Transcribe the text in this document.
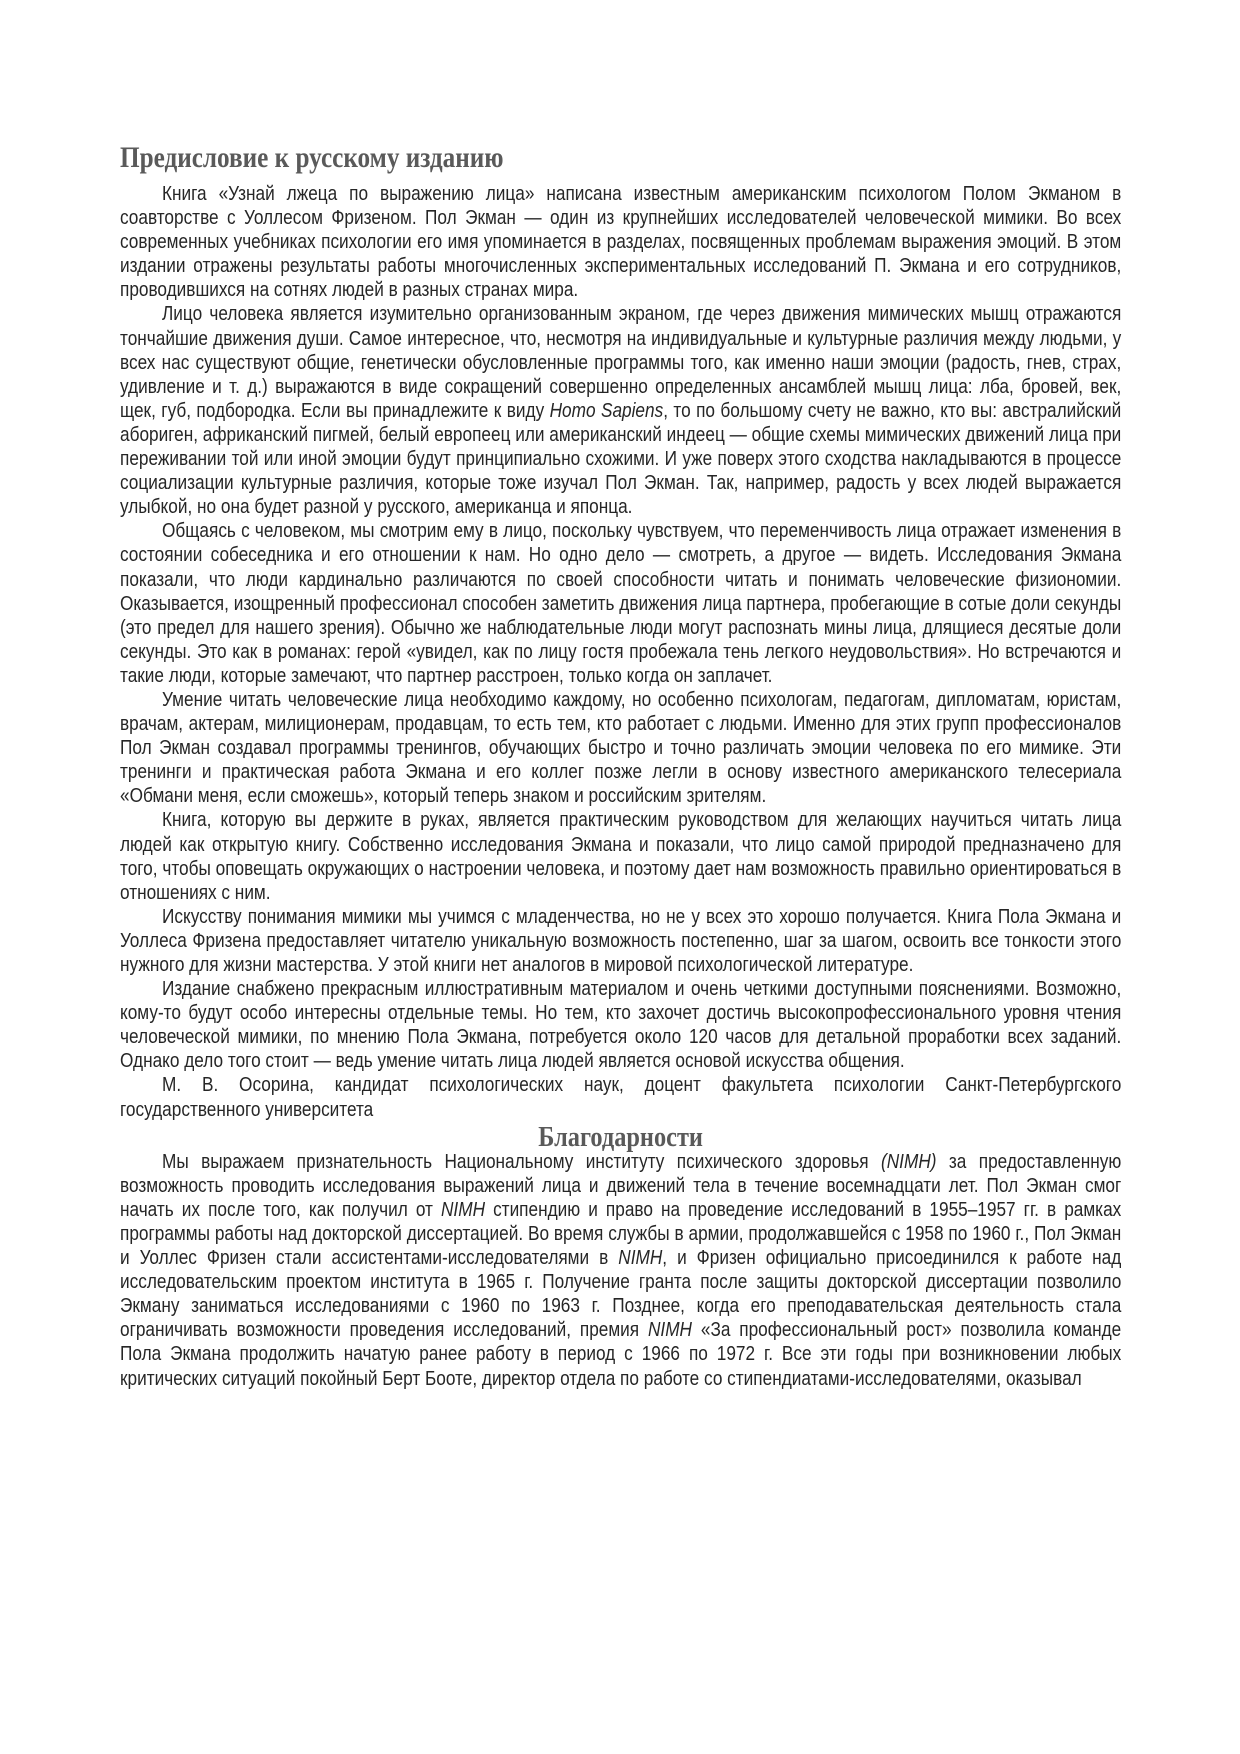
Предисловие к русскому изданию

Книга «Узнай лжеца по выражению лица» написана известным американским психологом Полом Экманом в соавторстве с Уоллесом Фризеном. Пол Экман — один из крупнейших исследователей человеческой мимики. Во всех современных учебниках психологии его имя упоминается в разделах, посвященных проблемам выражения эмоций. В этом издании отражены результаты работы многочисленных экспериментальных исследований П. Экмана и его сотрудников, проводившихся на сотнях людей в разных странах мира.

Лицо человека является изумительно организованным экраном, где через движения мимических мышц отражаются тончайшие движения души. Самое интересное, что, несмотря на индивидуальные и культурные различия между людьми, у всех нас существуют общие, генетически обусловленные программы того, как именно наши эмоции (радость, гнев, страх, удивление и т. д.) выражаются в виде сокращений совершенно определенных ансамблей мышц лица: лба, бровей, век, щек, губ, подбородка. Если вы принадлежите к виду Homo Sapiens, то по большому счету не важно, кто вы: австралийский абориген, африканский пигмей, белый европеец или американский индеец — общие схемы мимических движений лица при переживании той или иной эмоции будут принципиально схожими. И уже поверх этого сходства накладываются в процессе социализации культурные различия, которые тоже изучал Пол Экман. Так, например, радость у всех людей выражается улыбкой, но она будет разной у русского, американца и японца.

Общаясь с человеком, мы смотрим ему в лицо, поскольку чувствуем, что переменчивость лица отражает изменения в состоянии собеседника и его отношении к нам. Но одно дело — смотреть, а другое — видеть. Исследования Экмана показали, что люди кардинально различаются по своей способности читать и понимать человеческие физиономии. Оказывается, изощренный профессионал способен заметить движения лица партнера, пробегающие в сотые доли секунды (это предел для нашего зрения). Обычно же наблюдательные люди могут распознать мины лица, длящиеся десятые доли секунды. Это как в романах: герой «увидел, как по лицу гостя пробежала тень легкого неудовольствия». Но встречаются и такие люди, которые замечают, что партнер расстроен, только когда он заплачет.

Умение читать человеческие лица необходимо каждому, но особенно психологам, педагогам, дипломатам, юристам, врачам, актерам, милиционерам, продавцам, то есть тем, кто работает с людьми. Именно для этих групп профессионалов Пол Экман создавал программы тренингов, обучающих быстро и точно различать эмоции человека по его мимике. Эти тренинги и практическая работа Экмана и его коллег позже легли в основу известного американского телесериала «Обмани меня, если сможешь», который теперь знаком и российским зрителям.

Книга, которую вы держите в руках, является практическим руководством для желающих научиться читать лица людей как открытую книгу. Собственно исследования Экмана и показали, что лицо самой природой предназначено для того, чтобы оповещать окружающих о настроении человека, и поэтому дает нам возможность правильно ориентироваться в отношениях с ним.

Искусству понимания мимики мы учимся с младенчества, но не у всех это хорошо получается. Книга Пола Экмана и Уоллеса Фризена предоставляет читателю уникальную возможность постепенно, шаг за шагом, освоить все тонкости этого нужного для жизни мастерства. У этой книги нет аналогов в мировой психологической литературе.

Издание снабжено прекрасным иллюстративным материалом и очень четкими доступными пояснениями. Возможно, кому-то будут особо интересны отдельные темы. Но тем, кто захочет достичь высокопрофессионального уровня чтения человеческой мимики, по мнению Пола Экмана, потребуется около 120 часов для детальной проработки всех заданий. Однако дело того стоит — ведь умение читать лица людей является основой искусства общения.

М. В. Осорина, кандидат психологических наук, доцент факультета психологии Санкт-Петербургского государственного университета

Благодарности

Мы выражаем признательность Национальному институту психического здоровья (NIMH) за предоставленную возможность проводить исследования выражений лица и движений тела в течение восемнадцати лет. Пол Экман смог начать их после того, как получил от NIMH стипендию и право на проведение исследований в 1955–1957 гг. в рамках программы работы над докторской диссертацией. Во время службы в армии, продолжавшейся с 1958 по 1960 г., Пол Экман и Уоллес Фризен стали ассистентами-исследователями в NIMH, и Фризен официально присоединился к работе над исследовательским проектом института в 1965 г. Получение гранта после защиты докторской диссертации позволило Экману заниматься исследованиями с 1960 по 1963 г. Позднее, когда его преподавательская деятельность стала ограничивать возможности проведения исследований, премия NIMH «За профессиональный рост» позволила команде Пола Экмана продолжить начатую ранее работу в период с 1966 по 1972 г. Все эти годы при возникновении любых критических ситуаций покойный Берт Бооте, директор отдела по работе со стипендиатами-исследователями, оказывал
